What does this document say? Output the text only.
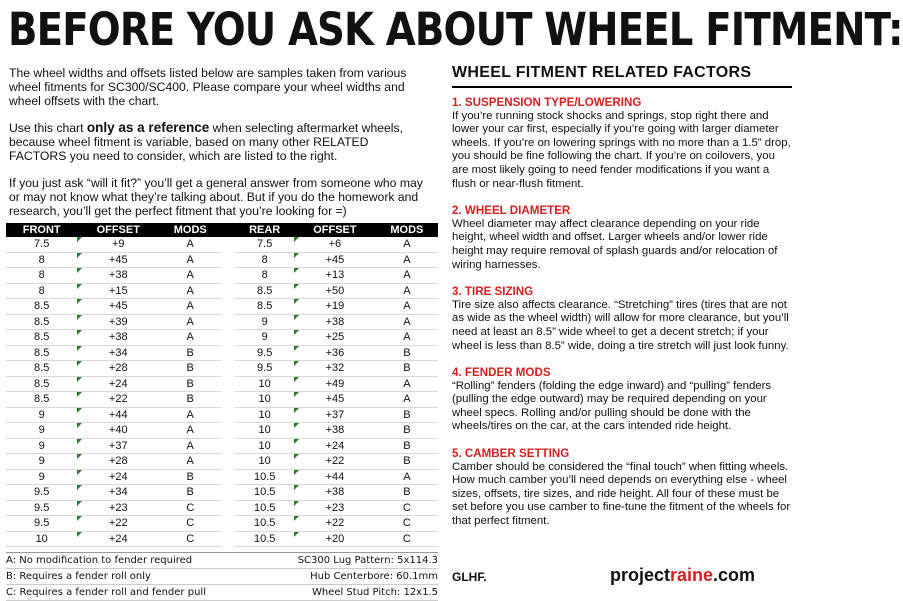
BEFORE YOU ASK ABOUT WHEEL FITMENT:

The wheel widths and offsets listed below are samples taken from various wheel fitments for SC300/SC400. Please compare your wheel widths and wheel offsets with the chart.

Use this chart only as a reference when selecting aftermarket wheels, because wheel fitment is variable, based on many other RELATED FACTORS you need to consider, which are listed to the right.

If you just ask “will it fit?” you’ll get a general answer from someone who may or may not know what they’re talking about. But if you do the homework and research, you’ll get the perfect fitment that you’re looking for =)

FRONT	OFFSET	MODS		REAR	OFFSET	MODS
7.5	+9	A		7.5	+6	A
8	+45	A		8	+45	A
8	+38	A		8	+13	A
8	+15	A		8.5	+50	A
8.5	+45	A		8.5	+19	A
8.5	+39	A		9	+38	A
8.5	+38	A		9	+25	A
8.5	+34	B		9.5	+36	B
8.5	+28	B		9.5	+32	B
8.5	+24	B		10	+49	A
8.5	+22	B		10	+45	A
9	+44	A		10	+37	B
9	+40	A		10	+38	B
9	+37	A		10	+24	B
9	+28	A		10	+22	B
9	+24	B		10.5	+44	A
9.5	+34	B		10.5	+38	B
9.5	+23	C		10.5	+23	C
9.5	+22	C		10.5	+22	C
10	+24	C		10.5	+20	C
A: No modification to fender required	SC300 Lug Pattern: 5x114.3
B: Requires a fender roll only	Hub Centerbore: 60.1mm
C: Requires a fender roll and fender pull	Wheel Stud Pitch: 12x1.5
WHEEL FITMENT RELATED FACTORS
1. SUSPENSION TYPE/LOWERING

If you’re running stock shocks and springs, stop right there and lower your car first, especially if you’re going with larger diameter wheels. If you’re on lowering springs with no more than a 1.5” drop, you should be fine following the chart. If you’re on coilovers, you are most likely going to need fender modifications if you want a flush or near-flush fitment.

2. WHEEL DIAMETER

Wheel diameter may affect clearance depending on your ride height, wheel width and offset. Larger wheels and/or lower ride height may require removal of splash guards and/or relocation of wiring harnesses.

3. TIRE SIZING

Tire size also affects clearance. “Stretching” tires (tires that are not as wide as the wheel width) will allow for more clearance, but you’ll need at least an 8.5” wide wheel to get a decent stretch; if your wheel is less than 8.5” wide, doing a tire stretch will just look funny.

4. FENDER MODS

“Rolling” fenders (folding the edge inward) and “pulling” fenders (pulling the edge outward) may be required depending on your wheel specs. Rolling and/or pulling should be done with the wheels/tires on the car, at the cars intended ride height.

5. CAMBER SETTING

Camber should be considered the “final touch” when fitting wheels. How much camber you’ll need depends on everything else - wheel sizes, offsets, tire sizes, and ride height. All four of these must be set before you use camber to fine-tune the fitment of the wheels for that perfect fitment.

GLHF.	projectraine.com
